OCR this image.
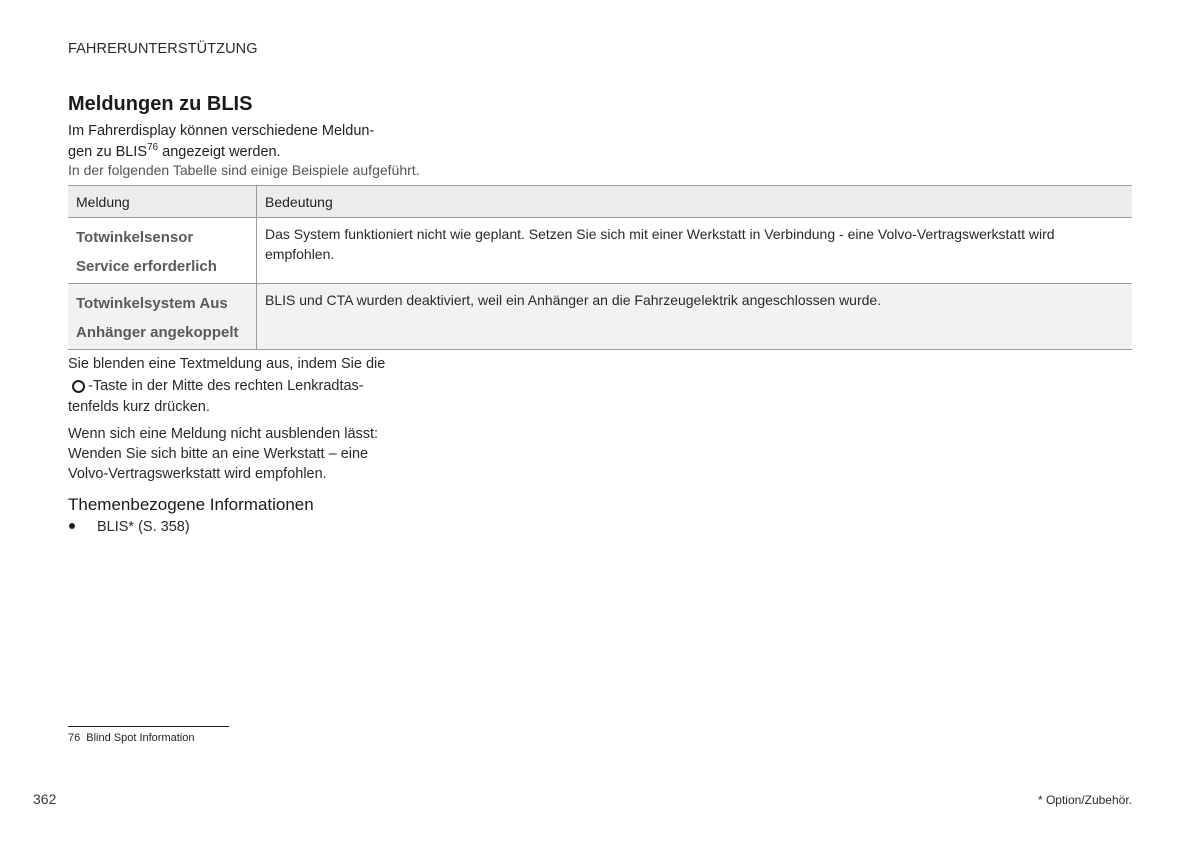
FAHRERUNTERSTÜTZUNG
Meldungen zu BLIS
Im Fahrerdisplay können verschiedene Meldun-
gen zu BLIS$^{76}$ angezeigt werden.
In der folgenden Tabelle sind einige Beispiele aufgeführt.
Meldung	Bedeutung

Totwinkelsensor
Service erforderlich	Das System funktioniert nicht wie geplant. Setzen Sie sich mit einer Werkstatt in Verbindung - eine Volvo-Vertragswerkstatt wird empfohlen.

Totwinkelsystem Aus
Anhänger angekoppelt	BLIS und CTA wurden deaktiviert, weil ein Anhänger an die Fahrzeugelektrik angeschlossen wurde.
Sie blenden eine Textmeldung aus, indem Sie die
-Taste in der Mitte des rechten Lenkradtas-tenfelds kurz drücken.
Wenn sich eine Meldung nicht ausblenden lässt: Wenden Sie sich bitte an eine Werkstatt – eine Volvo-Vertragswerkstatt wird empfohlen.
Themenbezogene Informationen
BLIS* (S. 358)
76 Blind Spot Information
362	* Option/Zubehör.
